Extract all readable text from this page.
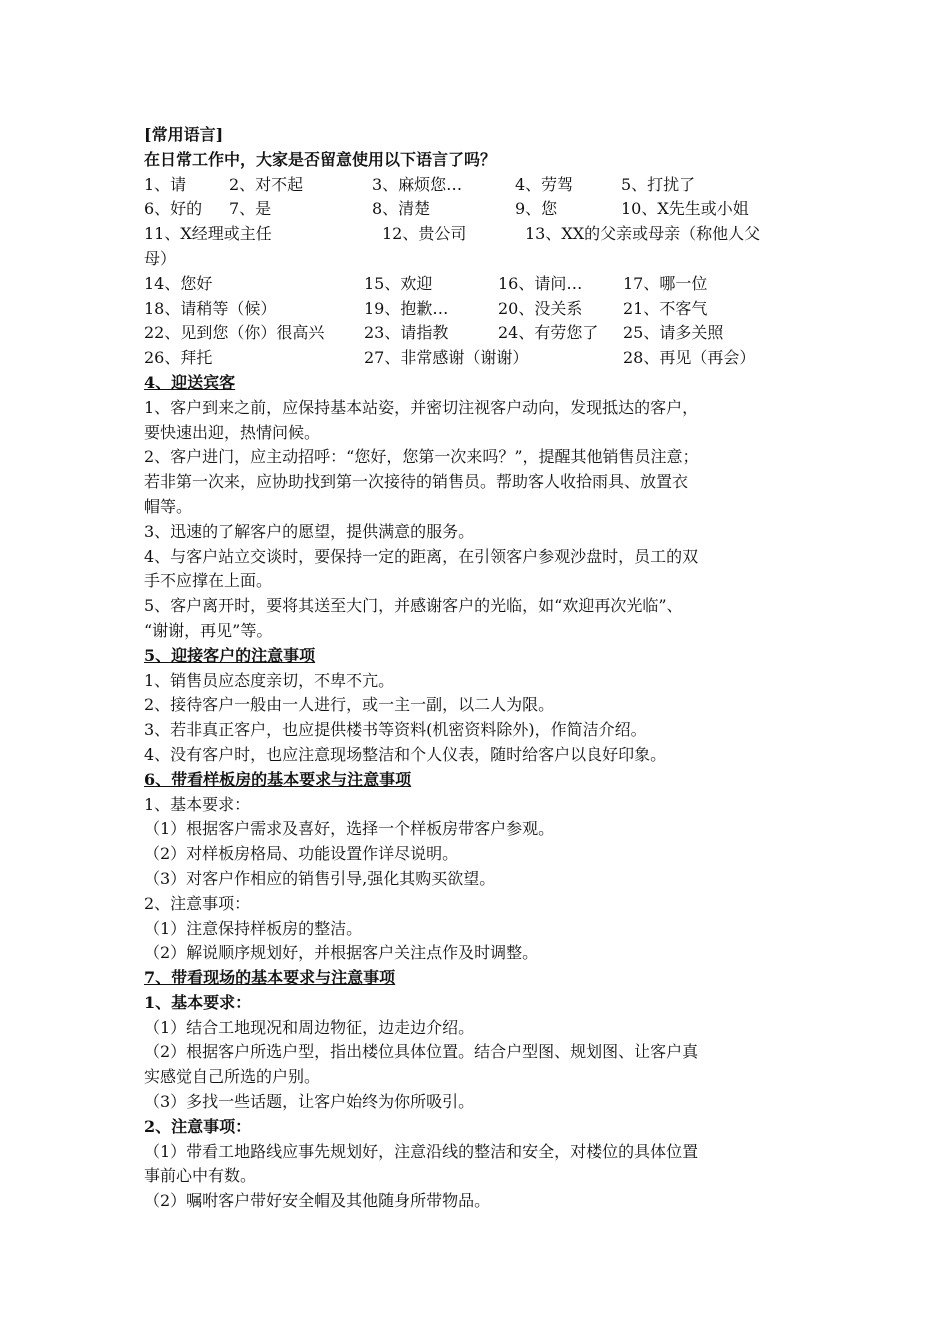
[常用语言]
在日常工作中，大家是否留意使用以下语言了吗？
1、请	2、对不起	3、麻烦您…	4、劳驾	5、打扰了
6、好的	7、是	8、清楚	9、您	10、X先生或小姐
11、X经理或主任	12、贵公司	13、XX的父亲或母亲（称他人父
母）
14、您好	15、欢迎	16、请问…	17、哪一位
18、请稍等（候）	19、抱歉…	20、没关系	21、不客气
22、见到您（你）很高兴	23、请指教	24、有劳您了	25、请多关照
26、拜托	27、非常感谢（谢谢）	28、再见（再会）
4、迎送宾客
1、客户到来之前，应保持基本站姿，并密切注视客户动向，发现抵达的客户，
要快速出迎，热情问候。
2、客户进门，应主动招呼：“您好，您第一次来吗？”，提醒其他销售员注意；
若非第一次来，应协助找到第一次接待的销售员。帮助客人收拾雨具、放置衣
帽等。
3、迅速的了解客户的愿望，提供满意的服务。
4、与客户站立交谈时，要保持一定的距离，在引领客户参观沙盘时，员工的双
手不应撑在上面。
5、客户离开时，要将其送至大门，并感谢客户的光临，如“欢迎再次光临”、
“谢谢，再见”等。
5、迎接客户的注意事项
1、销售员应态度亲切，不卑不亢。
2、接待客户一般由一人进行，或一主一副，以二人为限。
3、若非真正客户，也应提供楼书等资料(机密资料除外)，作简洁介绍。
4、没有客户时，也应注意现场整洁和个人仪表，随时给客户以良好印象。
6、带看样板房的基本要求与注意事项
1、基本要求：
（1）根据客户需求及喜好，选择一个样板房带客户参观。
（2）对样板房格局、功能设置作详尽说明。
（3）对客户作相应的销售引导,强化其购买欲望。
2、注意事项：
（1）注意保持样板房的整洁。
（2）解说顺序规划好，并根据客户关注点作及时调整。
7、带看现场的基本要求与注意事项
1、基本要求：
（1）结合工地现况和周边物征，边走边介绍。
（2）根据客户所选户型，指出楼位具体位置。结合户型图、规划图、让客户真
实感觉自己所选的户别。
（3）多找一些话题，让客户始终为你所吸引。
2、注意事项：
（1）带看工地路线应事先规划好，注意沿线的整洁和安全，对楼位的具体位置
事前心中有数。
（2）嘱咐客户带好安全帽及其他随身所带物品。
